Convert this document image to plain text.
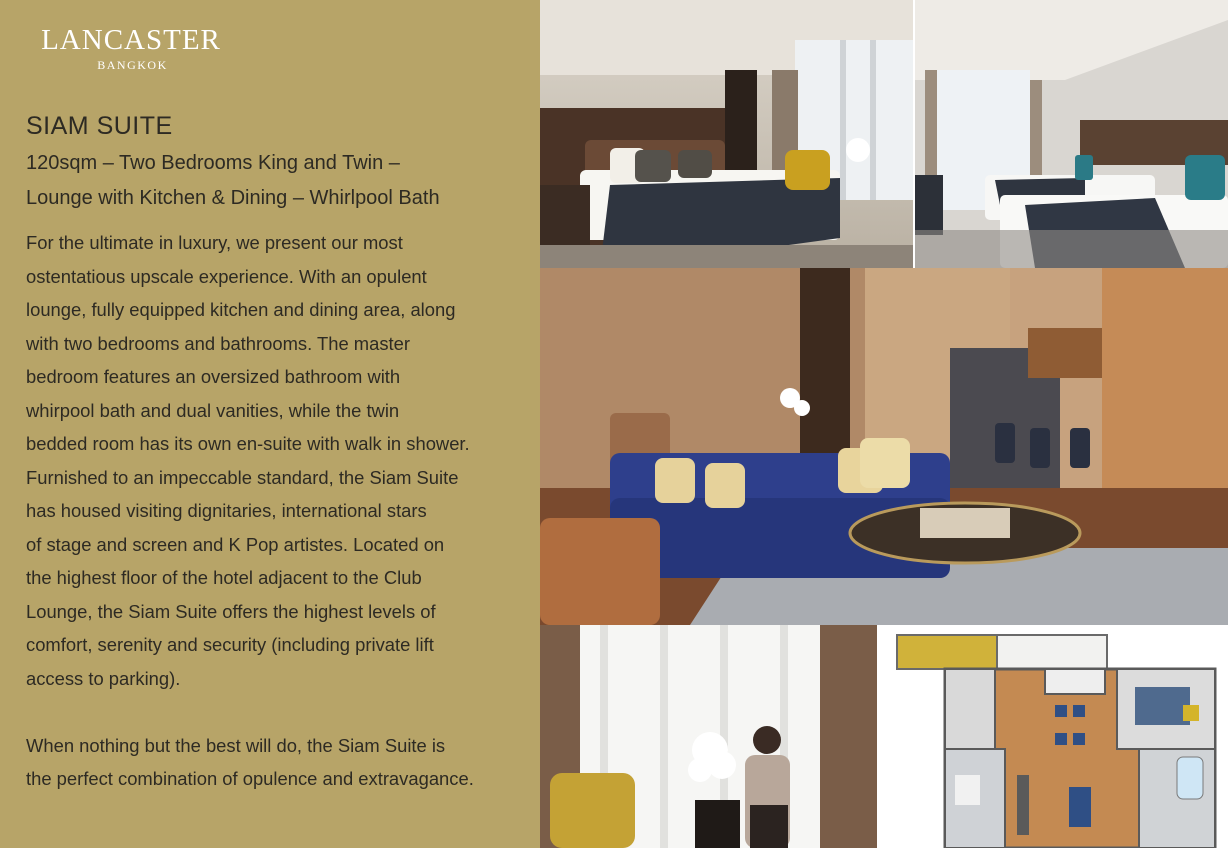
LANCASTER
BANGKOK
SIAM SUITE
120sqm – Two Bedrooms King and Twin –
Lounge with Kitchen & Dining – Whirlpool Bath
For the ultimate in luxury, we present our most
ostentatious upscale experience. With an opulent
lounge, fully equipped kitchen and dining area, along
with two bedrooms and bathrooms. The master
bedroom features an oversized bathroom with
whirpool bath and dual vanities, while the twin
bedded room has its own en-suite with walk in shower.
Furnished to an impeccable standard, the Siam Suite
has housed visiting dignitaries, international stars
of stage and screen and K Pop artistes. Located on
the highest floor of the hotel adjacent to the Club
Lounge, the Siam Suite offers the highest levels of
comfort, serenity and security (including private lift
access to parking).
When nothing but the best will do, the Siam Suite is
the perfect combination of opulence and extravagance.
